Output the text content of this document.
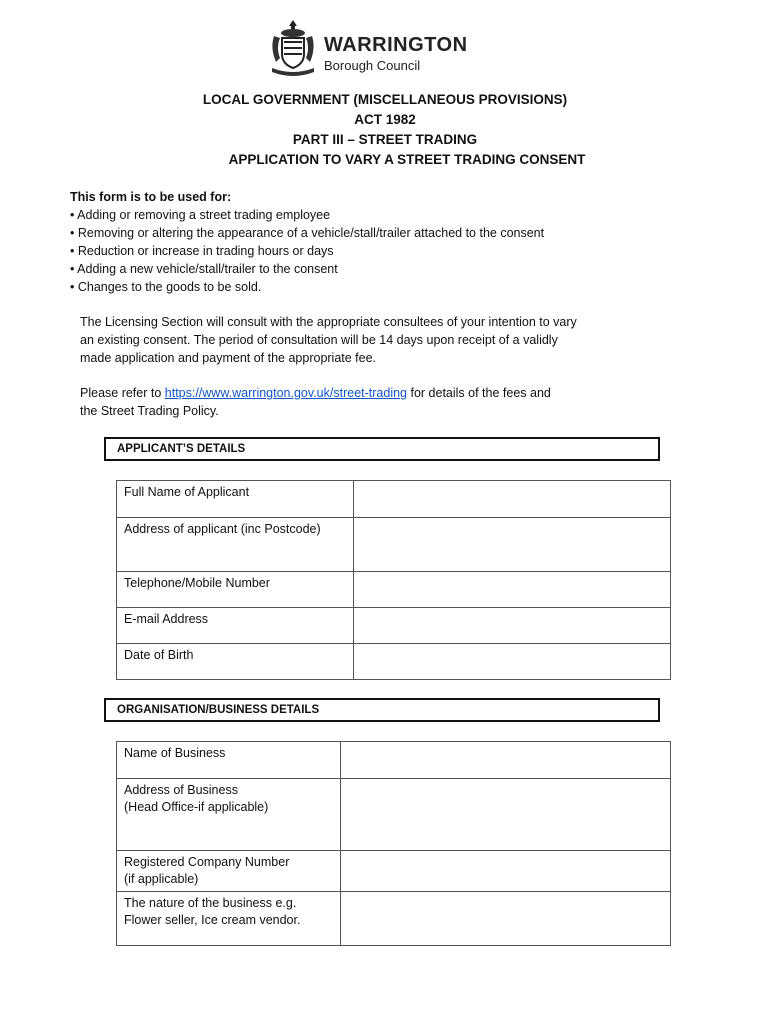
WARRINGTON
Borough Council
LOCAL GOVERNMENT (MISCELLANEOUS PROVISIONS)
ACT 1982
PART III – STREET TRADING
APPLICATION TO VARY A STREET TRADING CONSENT
This form is to be used for:
• Adding or removing a street trading employee
• Removing or altering the appearance of a vehicle/stall/trailer attached to the consent
• Reduction or increase in trading hours or days
• Adding a new vehicle/stall/trailer to the consent
• Changes to the goods to be sold.
The Licensing Section will consult with the appropriate consultees of your intention to vary
an existing consent. The period of consultation will be 14 days upon receipt of a validly
made application and payment of the appropriate fee.
Please refer to https://www.warrington.gov.uk/street-trading for details of the fees and
the Street Trading Policy.
APPLICANT’S DETAILS
Full Name of Applicant	
Address of applicant (inc Postcode)	
Telephone/Mobile Number	
E-mail Address	
Date of Birth	
ORGANISATION/BUSINESS DETAILS
Name of Business	

Address of Business
(Head Office-if applicable)	

Registered Company Number
(if applicable)	

The nature of the business e.g.
Flower seller, Ice cream vendor.	
